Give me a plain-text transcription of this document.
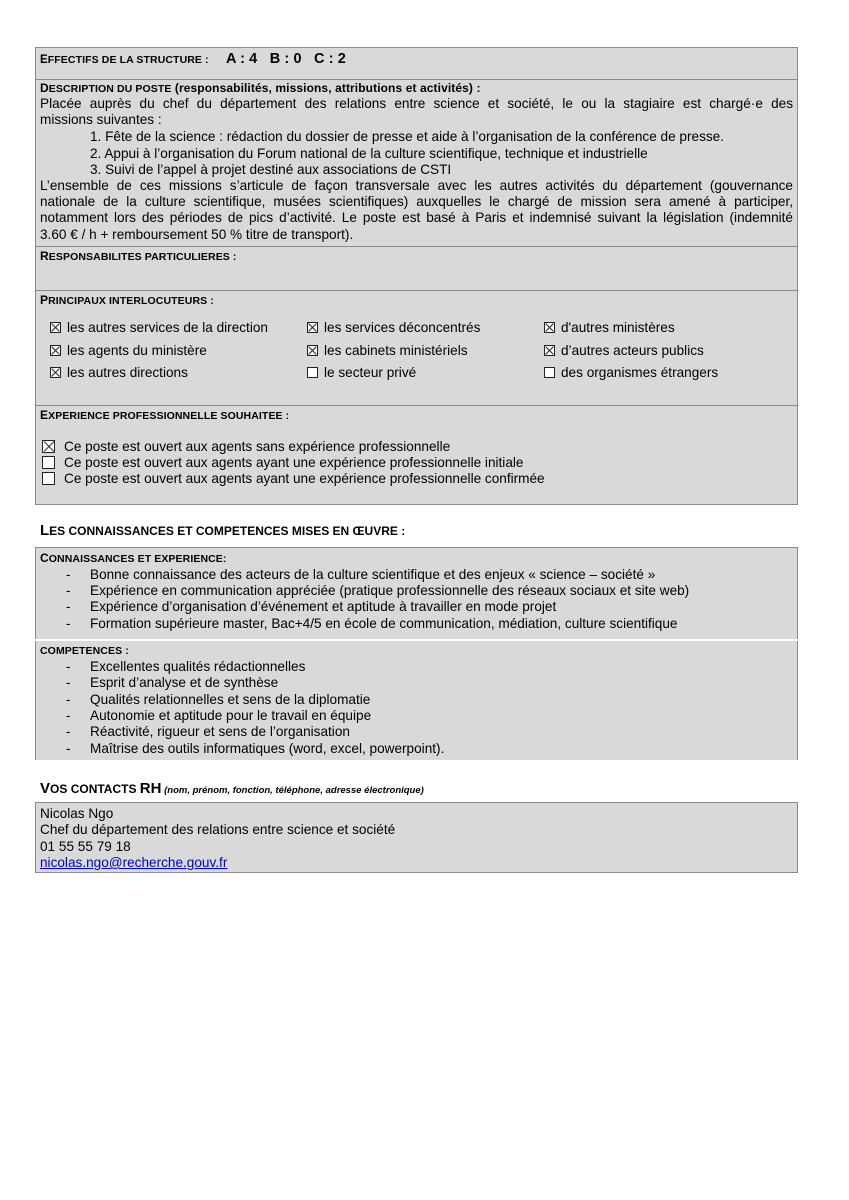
EFFECTIFS DE LA STRUCTURE : A : 4   B : 0   C : 2
DESCRIPTION DU POSTE (responsabilités, missions, attributions et activités) :
Placée auprès du chef du département des relations entre science et société, le ou la stagiaire est chargé·e des
missions suivantes :
1. Fête de la science : rédaction du dossier de presse et aide à l’organisation de la conférence de presse.
2. Appui à l’organisation du Forum national de la culture scientifique, technique et industrielle
3. Suivi de l’appel à projet destiné aux associations de CSTI
L’ensemble de ces missions s’articule de façon transversale avec les autres activités du département (gouvernance
nationale de la culture scientifique, musées scientifiques) auxquelles le chargé de mission sera amené à participer,
notamment lors des périodes de pics d’activité. Le poste est basé à Paris et indemnisé suivant la législation (indemnité
3.60 € / h + remboursement 50 % titre de transport).
RESPONSABILITES PARTICULIERES :
PRINCIPAUX INTERLOCUTEURS :
les autres services de la direction	les services déconcentrés	d'autres ministères
les agents du ministère	les cabinets ministériels	d’autres acteurs publics
les autres directions	le secteur privé	des organismes étrangers
EXPERIENCE PROFESSIONNELLE SOUHAITEE :
Ce poste est ouvert aux agents sans expérience professionnelle
Ce poste est ouvert aux agents ayant une expérience professionnelle initiale
Ce poste est ouvert aux agents ayant une expérience professionnelle confirmée
LES CONNAISSANCES ET COMPETENCES MISES EN ŒUVRE :
CONNAISSANCES ET EXPERIENCE:
- Bonne connaissance des acteurs de la culture scientifique et des enjeux « science – société »
- Expérience en communication appréciée (pratique professionnelle des réseaux sociaux et site web)
- Expérience d’organisation d’événement et aptitude à travailler en mode projet
- Formation supérieure master, Bac+4/5 en école de communication, médiation, culture scientifique
COMPETENCES :
- Excellentes qualités rédactionnelles
- Esprit d’analyse et de synthèse
- Qualités relationnelles et sens de la diplomatie
- Autonomie et aptitude pour le travail en équipe
- Réactivité, rigueur et sens de l’organisation
- Maîtrise des outils informatiques (word, excel, powerpoint).
VOS CONTACTS RH (nom, prénom, fonction, téléphone, adresse électronique)
Nicolas Ngo
Chef du département des relations entre science et société
01 55 55 79 18
nicolas.ngo@recherche.gouv.fr
